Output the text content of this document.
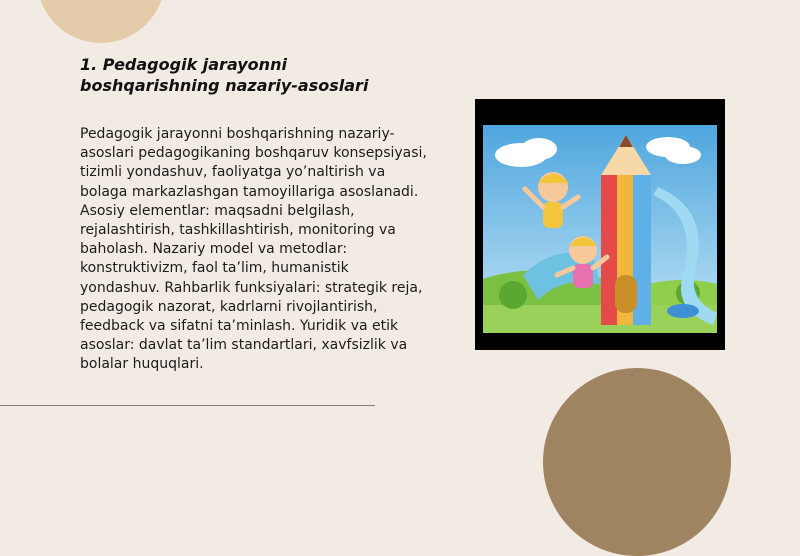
1. Pedagogik jarayonni boshqarishning nazariy-asoslari

Pedagogik jarayonni boshqarishning nazariy-asoslari pedagogikaning boshqaruv konsepsiyasi, tizimli yondashuv, faoliyatga yo’naltirish va bolaga markazlashgan tamoyillariga asoslanadi. Asosiy elementlar: maqsadni belgilash, rejalashtirish, tashkillashtirish, monitoring va baholash. Nazariy model va metodlar: konstruktivizm, faol ta’lim, humanistik yondashuv. Rahbarlik funksiyalari: strategik reja, pedagogik nazorat, kadrlarni rivojlantirish, feedback va sifatni ta’minlash. Yuridik va etik asoslar: davlat ta’lim standartlari, xavfsizlik va bolalar huquqlari.
